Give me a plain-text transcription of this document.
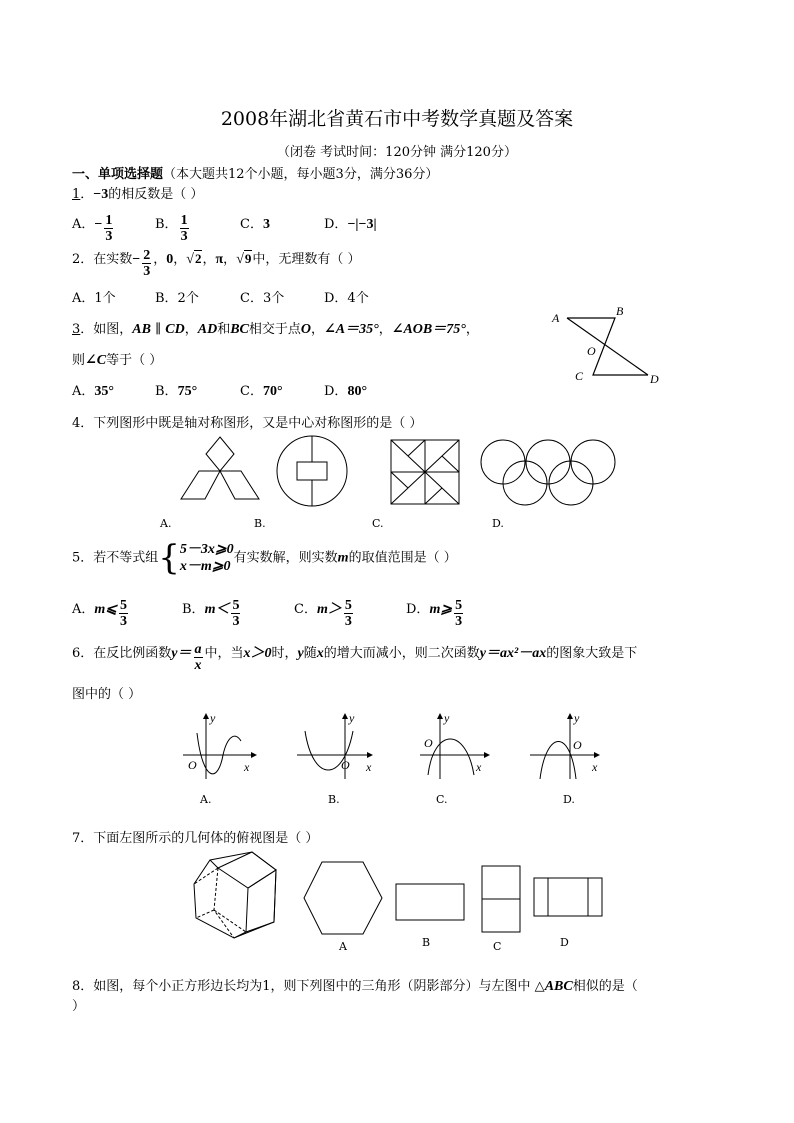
2008年湖北省黄石市中考数学真题及答案
（闭卷 考试时间：120分钟 满分120分）
一、单项选择题（本大题共12个小题，每小题3分，满分36分）
1．−3的相反数是（ ）
A．− $\frac{1}{3}$	B． $\frac{1}{3}$	C．3	D．−|−3|
2．在实数− $\frac{2}{3}$ ，0，√2，π，√9中，无理数有（ ）
A．1个	B．2个	C．3个	D．4个
3．如图，AB ∥ CD，AD和BC相交于点O，∠A＝35°，∠AOB＝75°，
则∠C等于（ ）
A．35°	B．75°	C．70°	D．80°
A	B
O
C	D
4．下列图形中既是轴对称图形，又是中心对称图形的是（ ）
A.	B.	C.	D.
5．若不等式组{ 5－3x⩾0
x－m⩾0
有实数解，则实数m的取值范围是（ ）
A．m⩽ $\frac{5}{3}$	B．$m< \frac{5}{3}$	C．$m> \frac{5}{3}$	D．m⩾ $\frac{5}{3}$
6．在反比例函数$y= \frac{a}{x}$ 中，当x＞0时，y随x的增大而减小，则二次函数y＝ax²－ax的图象大致是下
图中的（ ）
y
O	x
y
O x
y
O
x
y
O
x
A.	B.	C.	D.
7．下面左图所示的几何体的俯视图是（ ）
A	B	C	D
8．如图，每个小正方形边长均为1，则下列图中的三角形（阴影部分）与左图中 △ABC相似的是（
）
